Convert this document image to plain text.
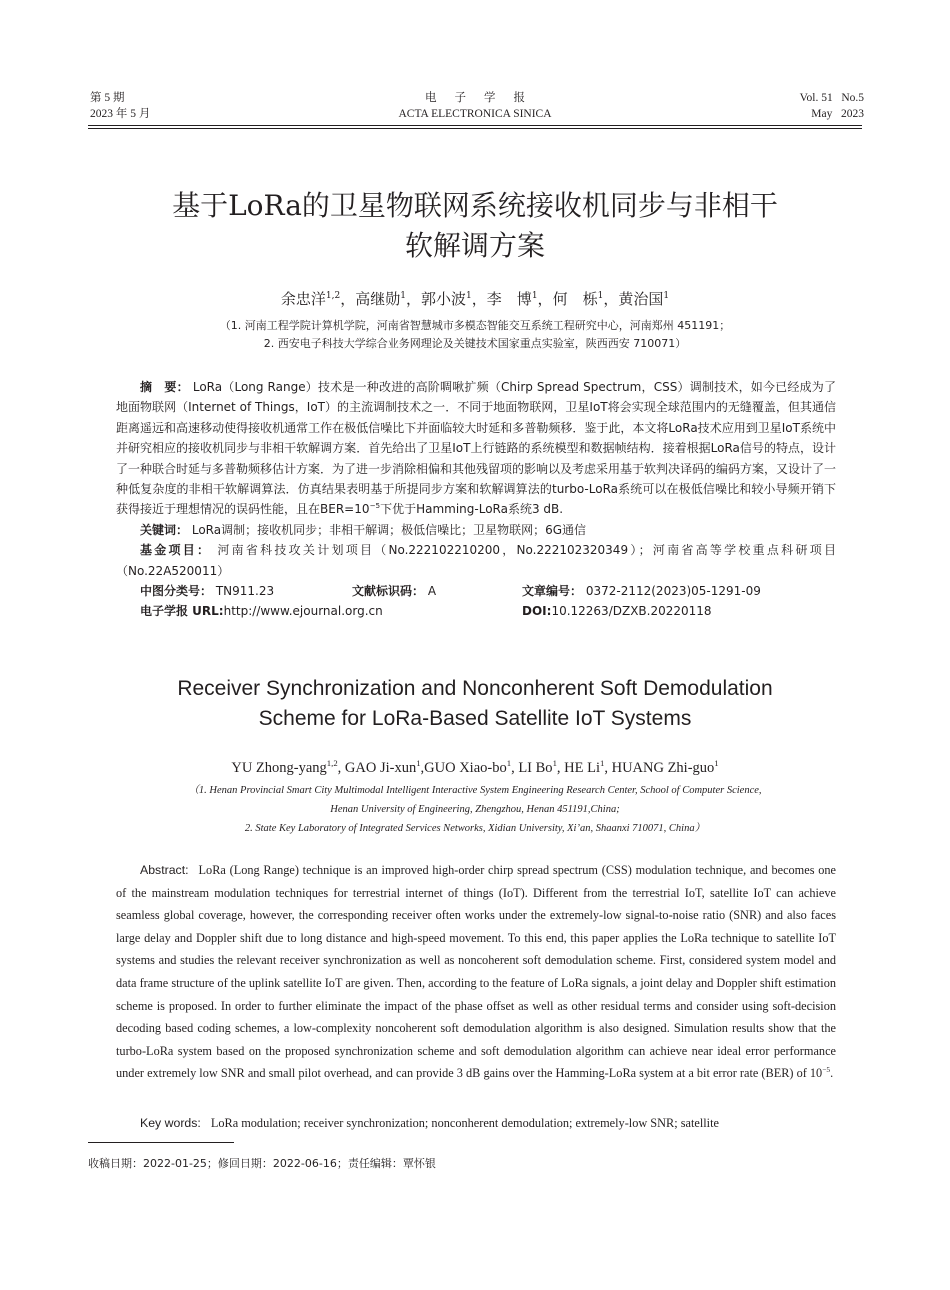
第 5 期
2023 年 5 月
电子学报
ACTA ELECTRONICA SINICA
Vol. 51   No.5
May   2023
基于LoRa的卫星物联网系统接收机同步与非相干
软解调方案
余忠洋$^{1,2}$，高继勋$^1$，郭小波$^1$，李　博$^1$，何　栎$^1$，黄治国$^1$
（1. 河南工程学院计算机学院，河南省智慧城市多模态智能交互系统工程研究中心，河南郑州 451191；
2. 西安电子科技大学综合业务网理论及关键技术国家重点实验室，陕西西安 710071）
摘　要： LoRa（Long Range）技术是一种改进的高阶啁啾扩频（Chirp Spread Spectrum，CSS）调制技术，如今已经成为了地面物联网（Internet of Things，IoT）的主流调制技术之一．不同于地面物联网，卫星IoT将会实现全球范围内的无缝覆盖，但其通信距离遥远和高速移动使得接收机通常工作在极低信噪比下并面临较大时延和多普勒频移．鉴于此，本文将LoRa技术应用到卫星IoT系统中并研究相应的接收机同步与非相干软解调方案．首先给出了卫星IoT上行链路的系统模型和数据帧结构．接着根据LoRa信号的特点，设计了一种联合时延与多普勒频移估计方案．为了进一步消除相偏和其他残留项的影响以及考虑采用基于软判决译码的编码方案，又设计了一种低复杂度的非相干软解调算法．仿真结果表明基于所提同步方案和软解调算法的turbo-LoRa系统可以在极低信噪比和较小导频开销下获得接近于理想情况的误码性能，且在$BER=10^{-5}$下优于Hamming-LoRa系统3 dB.
关键词： LoRa调制；接收机同步；非相干解调；极低信噪比；卫星物联网；6G通信
基金项目： 河南省科技攻关计划项目（No.222102210200，No.222102320349）；河南省高等学校重点科研项目（No.22A520011）
中图分类号： TN911.23	文献标识码： A	文章编号： 0372-2112(2023)05-1291-09
电子学报 URL:http://www.ejournal.org.cn	DOI:10.12263/DZXB.20220118
Receiver Synchronization and Nonconherent Soft Demodulation
Scheme for LoRa-Based Satellite IoT Systems
YU Zhong-yang$^{1,2}$, GAO Ji-xun$^1$,GUO Xiao-$bo^1$, LI Bo$^1$, HE Li$^1$, HUANG Zhi-guo$^1$
（1. Henan Provincial Smart City Multimodal Intelligent Interactive System Engineering Research Center, School of Computer Science,
Henan University of Engineering, Zhengzhou, Henan 451191,China;
2. State Key Laboratory of Integrated Services Networks, Xidian University, Xi’an, Shaanxi 710071, China）
Abstract: LoRa (Long Range) technique is an improved high-order chirp spread spectrum (CSS) modulation technique, and becomes one of the mainstream modulation techniques for terrestrial internet of things (IoT). Different from the terrestrial IoT, satellite IoT can achieve seamless global coverage, however, the corresponding receiver often works under the extremely-low signal-to-noise ratio (SNR) and also faces large delay and Doppler shift due to long distance and high-speed movement. To this end, this paper applies the LoRa technique to satellite IoT systems and studies the relevant receiver synchronization as well as noncoherent soft demodulation scheme. First, considered system model and data frame structure of the uplink satellite IoT are given. Then, according to the feature of LoRa signals, a joint delay and Doppler shift estimation scheme is proposed. In order to further eliminate the impact of the phase offset as well as other residual terms and consider using soft-decision decoding based coding schemes, a low-complexity noncoherent soft demodulation algorithm is also designed. Simulation results show that the turbo-LoRa system based on the proposed synchronization scheme and soft demodulation algorithm can achieve near ideal error performance under extremely low SNR and small pilot overhead, and can provide 3 dB gains over the Hamming-LoRa system at a bit error rate (BER) of $10^{-5}$.
Key words: LoRa modulation; receiver synchronization; nonconherent demodulation; extremely-low SNR; satellite
收稿日期：2022-01-25；修回日期：2022-06-16；责任编辑：覃怀银
